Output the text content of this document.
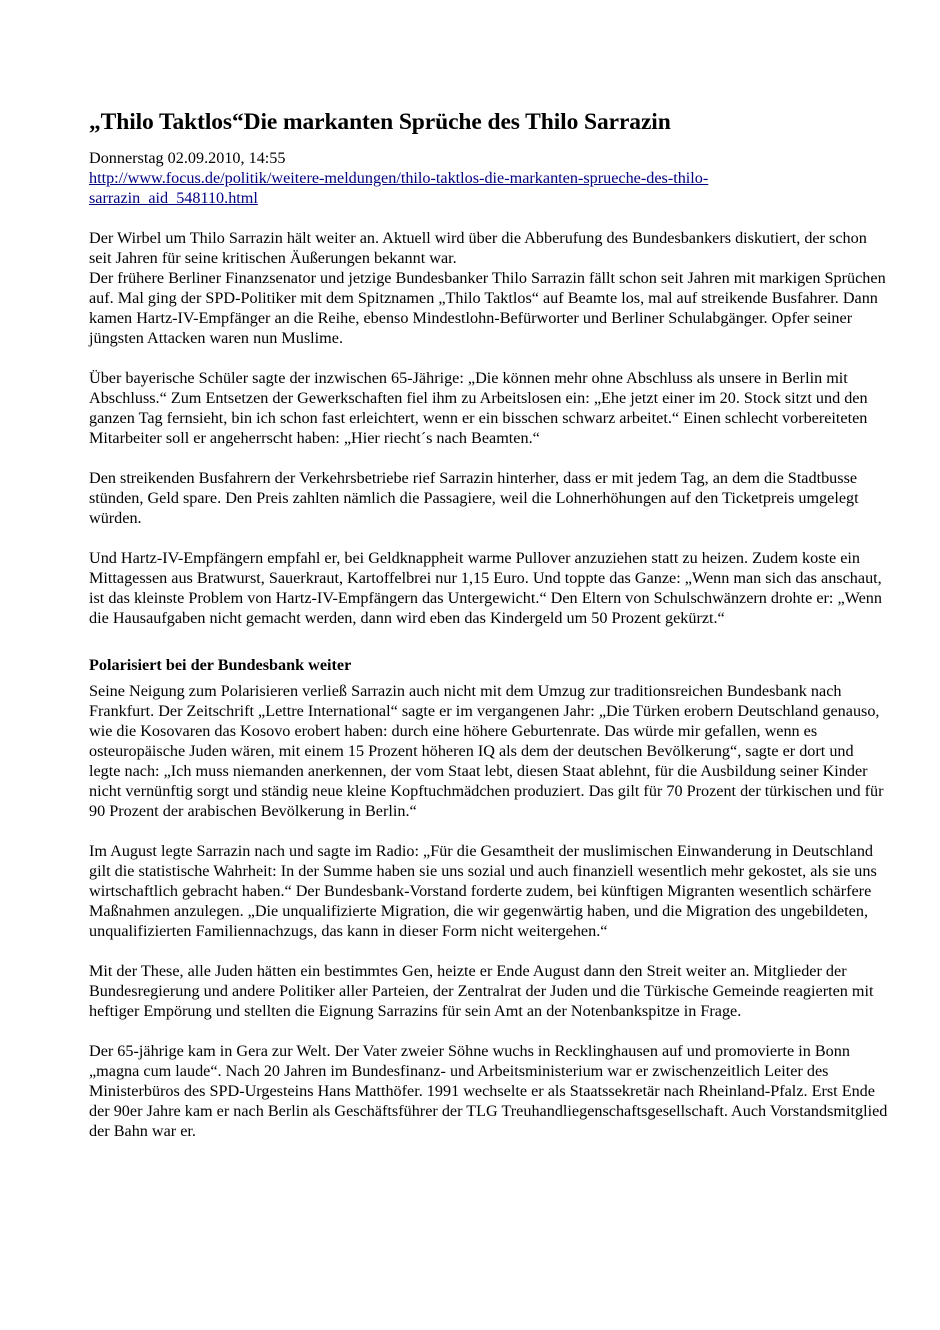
„Thilo Taktlos“Die markanten Sprüche des Thilo Sarrazin

Donnerstag 02.09.2010, 14:55

http://www.focus.de/politik/weitere-meldungen/thilo-taktlos-die-markanten-sprueche-des-thilo-
sarrazin_aid_548110.html

Der Wirbel um Thilo Sarrazin hält weiter an. Aktuell wird über die Abberufung des Bundesbankers diskutiert, der schon seit Jahren für seine kritischen Äußerungen bekannt war.

Der frühere Berliner Finanzsenator und jetzige Bundesbanker Thilo Sarrazin fällt schon seit Jahren mit markigen Sprüchen auf. Mal ging der SPD-Politiker mit dem Spitznamen „Thilo Taktlos“ auf Beamte los, mal auf streikende Busfahrer. Dann kamen Hartz-IV-Empfänger an die Reihe, ebenso Mindestlohn-Befürworter und Berliner Schulabgänger. Opfer seiner jüngsten Attacken waren nun Muslime.

Über bayerische Schüler sagte der inzwischen 65-Jährige: „Die können mehr ohne Abschluss als unsere in Berlin mit Abschluss.“ Zum Entsetzen der Gewerkschaften fiel ihm zu Arbeitslosen ein: „Ehe jetzt einer im 20. Stock sitzt und den ganzen Tag fernsieht, bin ich schon fast erleichtert, wenn er ein bisschen schwarz arbeitet.“ Einen schlecht vorbereiteten Mitarbeiter soll er angeherrscht haben: „Hier riecht´s nach Beamten.“

Den streikenden Busfahrern der Verkehrsbetriebe rief Sarrazin hinterher, dass er mit jedem Tag, an dem die Stadtbusse stünden, Geld spare. Den Preis zahlten nämlich die Passagiere, weil die Lohnerhöhungen auf den Ticketpreis umgelegt würden.

Und Hartz-IV-Empfängern empfahl er, bei Geldknappheit warme Pullover anzuziehen statt zu heizen. Zudem koste ein Mittagessen aus Bratwurst, Sauerkraut, Kartoffelbrei nur 1,15 Euro. Und toppte das Ganze: „Wenn man sich das anschaut, ist das kleinste Problem von Hartz-IV-Empfängern das Untergewicht.“ Den Eltern von Schulschwänzern drohte er: „Wenn die Hausaufgaben nicht gemacht werden, dann wird eben das Kindergeld um 50 Prozent gekürzt.“

Polarisiert bei der Bundesbank weiter

Seine Neigung zum Polarisieren verließ Sarrazin auch nicht mit dem Umzug zur traditionsreichen Bundesbank nach Frankfurt. Der Zeitschrift „Lettre International“ sagte er im vergangenen Jahr: „Die Türken erobern Deutschland genauso, wie die Kosovaren das Kosovo erobert haben: durch eine höhere Geburtenrate. Das würde mir gefallen, wenn es osteuropäische Juden wären, mit einem 15 Prozent höheren IQ als dem der deutschen Bevölkerung“, sagte er dort und legte nach: „Ich muss niemanden anerkennen, der vom Staat lebt, diesen Staat ablehnt, für die Ausbildung seiner Kinder nicht vernünftig sorgt und ständig neue kleine Kopftuchmädchen produziert. Das gilt für 70 Prozent der türkischen und für 90 Prozent der arabischen Bevölkerung in Berlin.“

Im August legte Sarrazin nach und sagte im Radio: „Für die Gesamtheit der muslimischen Einwanderung in Deutschland gilt die statistische Wahrheit: In der Summe haben sie uns sozial und auch finanziell wesentlich mehr gekostet, als sie uns wirtschaftlich gebracht haben.“ Der Bundesbank-Vorstand forderte zudem, bei künftigen Migranten wesentlich schärfere Maßnahmen anzulegen. „Die unqualifizierte Migration, die wir gegenwärtig haben, und die Migration des ungebildeten, unqualifizierten Familiennachzugs, das kann in dieser Form nicht weitergehen.“

Mit der These, alle Juden hätten ein bestimmtes Gen, heizte er Ende August dann den Streit weiter an. Mitglieder der Bundesregierung und andere Politiker aller Parteien, der Zentralrat der Juden und die Türkische Gemeinde reagierten mit heftiger Empörung und stellten die Eignung Sarrazins für sein Amt an der Notenbankspitze in Frage.

Der 65-jährige kam in Gera zur Welt. Der Vater zweier Söhne wuchs in Recklinghausen auf und promovierte in Bonn „magna cum laude“. Nach 20 Jahren im Bundesfinanz- und Arbeitsministerium war er zwischenzeitlich Leiter des Ministerbüros des SPD-Urgesteins Hans Matthöfer. 1991 wechselte er als Staatssekretär nach Rheinland-Pfalz. Erst Ende der 90er Jahre kam er nach Berlin als Geschäftsführer der TLG Treuhandliegenschaftsgesellschaft. Auch Vorstandsmitglied der Bahn war er.
